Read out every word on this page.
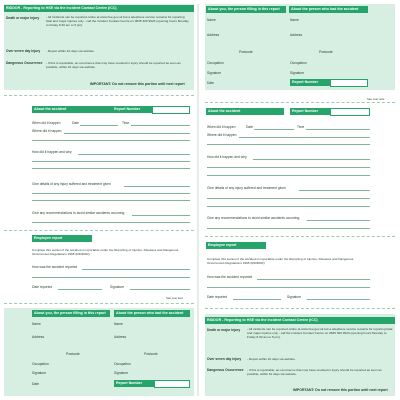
RIDDOR - Reporting to HSE via the Incident Contact Centre (ICC)
Death or major injury - All incidents can be reported online at www.hse.gov.uk but a telephone service remains for reporting fatal and major injuries only - call the Incident Contact Centre on 0845 300 9923 (opening hours Monday to Friday 8.30 am to 5 pm).
Over seven day injury - Report within 10 days via website.
Dangerous Occurrence - If this is reportable, an occurrence that may have resulted in injury should be reported as soon as possible, within 10 days via website.
IMPORTANT: Do not remove this portion until next report
About the accident	Report Number
When did it happen	Date	Time
Where did it happen
How did it happen and why
Give details of any injury suffered and treatment given
Give any recommendations to avoid similar accidents occurring
Employee report
Complete this section if the accident is reportable under the Reporting of Injuries, Diseases and Dangerous Occurrences Regulations 1995 (RIDDOR)
How was the accident reported
Date reported	Signature
See over leaf
About you, the person filling in this report	About the person who had the accident
Name	Name
Address	Address
Postcode	Postcode
Occupation	Occupation
Signature	Signature
Date	Report Number
About you, the person filling in this report	About the person who had the accident
Name	Name
Address	Address
Postcode	Postcode
Occupation	Occupation
Signature	Signature
Date	Report Number
See over note
About the accident	Report Number
When did it happen	Date	Time
Where did it happen
How did it happen and why
Give details of any injury suffered and treatment given
Give any recommendations to avoid similar accidents occurring
Employee report
Complete this section if the accident is reportable under the Reporting of Injuries, Diseases and Dangerous Occurrences Regulations 1995 (RIDDOR)
How was the accident reported
Date reported	Signature
RIDDOR - Reporting to HSE via the Incident Contact Centre (ICC)
Death or major injury - All incidents can be reported online at www.hse.gov.uk but a telephone service remains for reporting fatal and major injuries only - call the Incident Contact Centre on 0845 300 9923 (opening hours Monday to Friday 8.30 am to 5 pm).
Over seven day injury - Report within 10 days via website.
Dangerous Occurrence - If this is reportable, an occurrence that may have resulted in injury should be reported as soon as possible, within 10 days via website.
IMPORTANT: Do not remove this portion until next report
